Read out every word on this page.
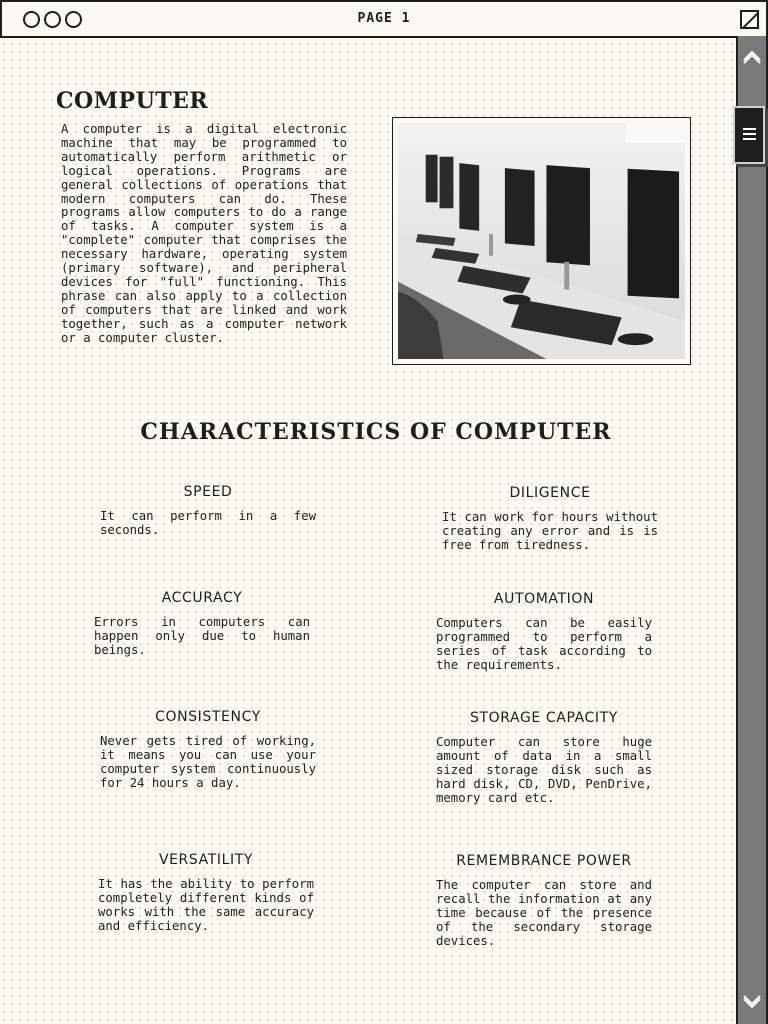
PAGE 1
COMPUTER

A computer is a digital electronic machine that may be programmed to automatically perform arithmetic or logical operations. Programs are general collections of operations that modern computers can do. These programs allow computers to do a range of tasks. A computer system is a "complete" computer that comprises the necessary hardware, operating system (primary software), and peripheral devices for "full" functioning. This phrase can also apply to a collection of computers that are linked and work together, such as a computer network or a computer cluster.

CHARACTERISTICS OF COMPUTER
SPEED

It can perform in a few seconds.

DILIGENCE

It can work for hours without creating any error and is is free from tiredness.

ACCURACY

Errors in computers can happen only due to human beings.

AUTOMATION

Computers can be easily programmed to perform a series of task according to the requirements.

CONSISTENCY

Never gets tired of working, it means you can use your computer system continuously for 24 hours a day.

STORAGE CAPACITY

Computer can store huge amount of data in a small sized storage disk such as hard disk, CD, DVD, PenDrive, memory card etc.

VERSATILITY

It has the ability to perform completely different kinds of works with the same accuracy and efficiency.

REMEMBRANCE POWER

The computer can store and recall the information at any time because of the presence of the secondary storage devices.
